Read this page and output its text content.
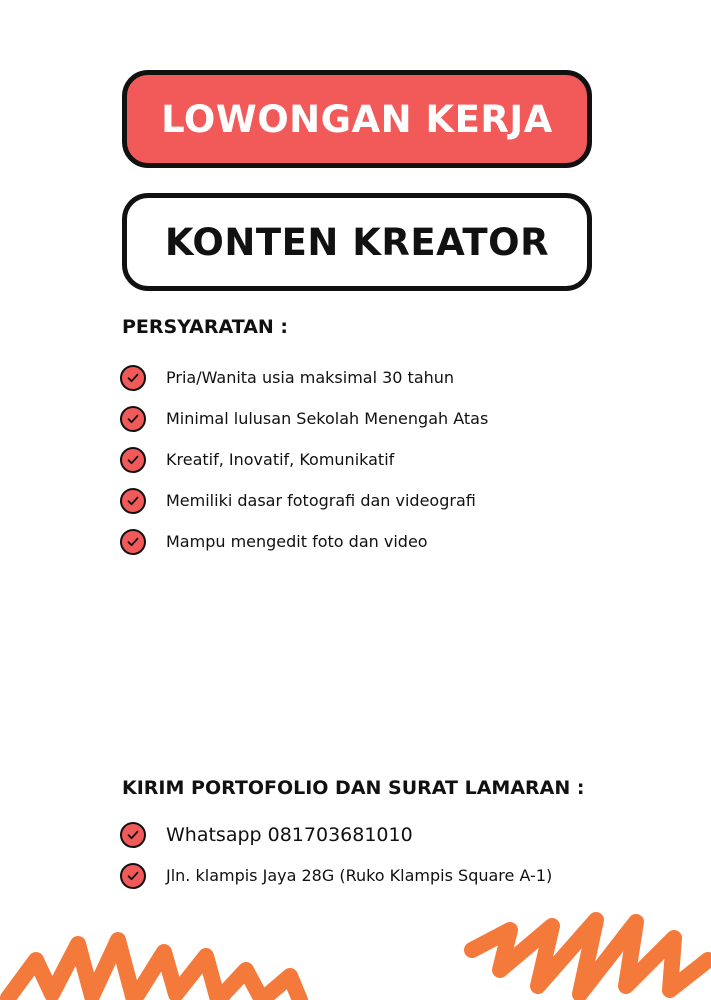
LOWONGAN KERJA
KONTEN KREATOR
PERSYARATAN :
Pria/Wanita usia maksimal 30 tahun
Minimal lulusan Sekolah Menengah Atas
Kreatif, Inovatif, Komunikatif
Memiliki dasar fotografi dan videografi
Mampu mengedit foto dan video
KIRIM PORTOFOLIO DAN SURAT LAMARAN :
Whatsapp 081703681010
Jln. klampis Jaya 28G (Ruko Klampis Square A-1)
